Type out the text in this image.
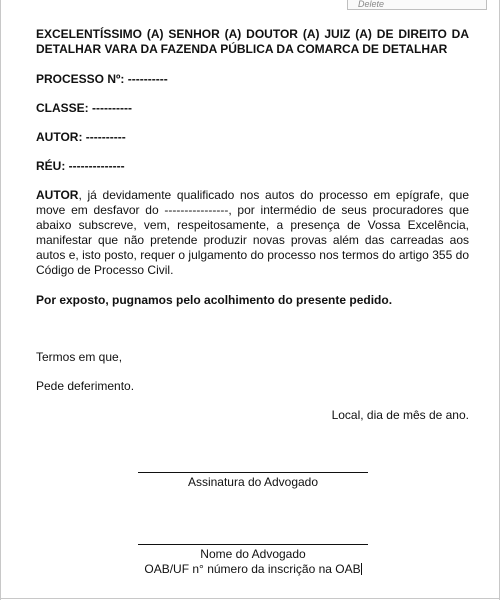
Delete

EXCELENTÍSSIMO (A) SENHOR (A) DOUTOR (A) JUIZ (A) DE DIREITO DA DETALHAR VARA DA FAZENDA PÚBLICA DA COMARCA DE DETALHAR

PROCESSO Nº: ----------

CLASSE: ----------

AUTOR: ----------

RÉU: --------------

AUTOR, já devidamente qualificado nos autos do processo em epígrafe, que move em desfavor do ----------------, por intermédio de seus procuradores que abaixo subscreve, vem, respeitosamente, a presença de Vossa Excelência, manifestar que não pretende produzir novas provas além das carreadas aos autos e, isto posto, requer o julgamento do processo nos termos do artigo 355 do Código de Processo Civil.

Por exposto, pugnamos pelo acolhimento do presente pedido.

Termos em que,

Pede deferimento.

Local, dia de mês de ano.

Assinatura do Advogado
Nome do Advogado
OAB/UF n° número da inscrição na OAB
